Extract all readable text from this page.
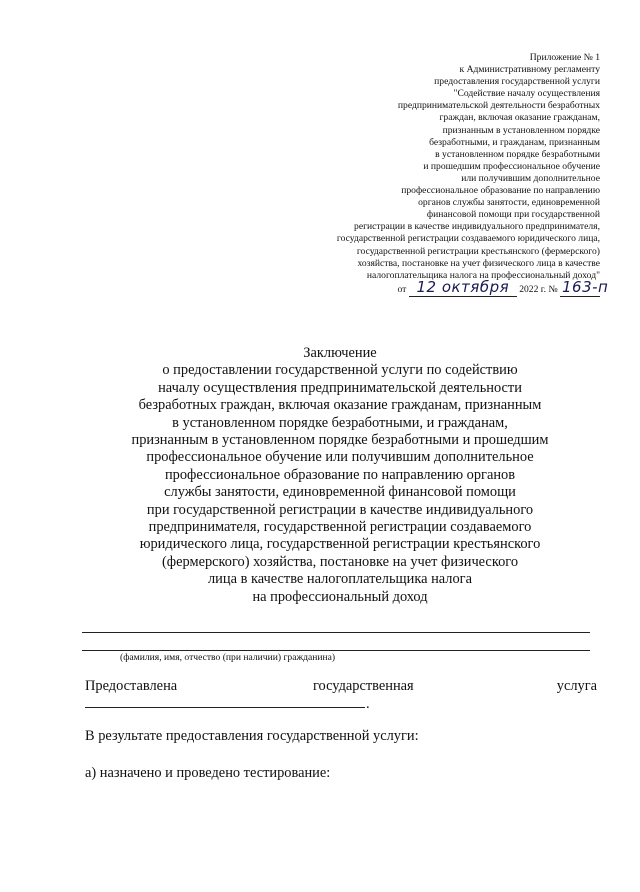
Приложение № 1
к Административному регламенту
предоставления государственной услуги
"Содействие началу осуществления
предпринимательской деятельности безработных
граждан, включая оказание гражданам,
признанным в установленном порядке
безработными, и гражданам, признанным
в установленном порядке безработными
и прошедшим профессиональное обучение
или получившим дополнительное
профессиональное образование по направлению
органов службы занятости, единовременной
финансовой помощи при государственной
регистрации в качестве индивидуального предпринимателя,
государственной регистрации создаваемого юридического лица,
государственной регистрации крестьянского (фермерского)
хозяйства, постановке на учет физического лица в качестве
налогоплательщика налога на профессиональный доход"
от 12 октября 2022 г. № 163-п
Заключение
о предоставлении государственной услуги по содействию
началу осуществления предпринимательской деятельности
безработных граждан, включая оказание гражданам, признанным
в установленном порядке безработными, и гражданам,
признанным в установленном порядке безработными и прошедшим
профессиональное обучение или получившим дополнительное
профессиональное образование по направлению органов
службы занятости, единовременной финансовой помощи
при государственной регистрации в качестве индивидуального
предпринимателя, государственной регистрации создаваемого
юридического лица, государственной регистрации крестьянского
(фермерского) хозяйства, постановке на учет физического
лица в качестве налогоплательщика налога
на профессиональный доход
(фамилия, имя, отчество (при наличии) гражданина)
Предоставлена	государственная	услуга
.
В результате предоставления государственной услуги:
а) назначено и проведено тестирование:
